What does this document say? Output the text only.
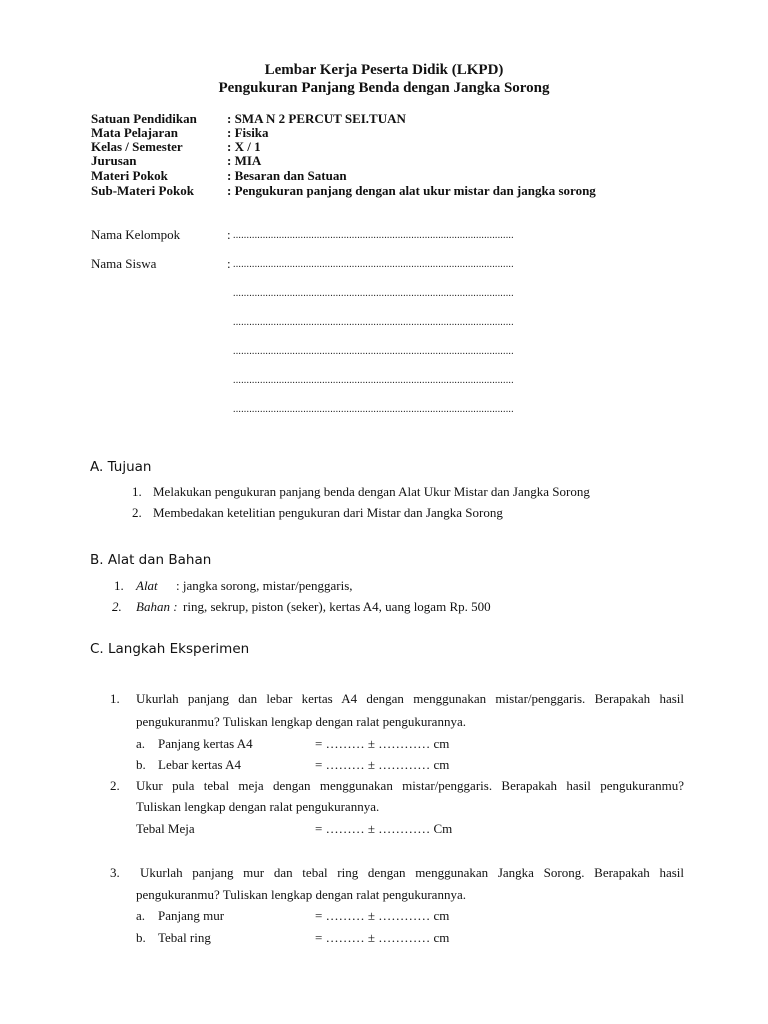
Lembar Kerja Peserta Didik (LKPD)
Pengukuran Panjang Benda dengan Jangka Sorong
Satuan Pendidikan : SMA N 2 PERCUT SEI.TUAN
Mata Pelajaran	: Fisika
Kelas / Semester	: X / 1
Jurusan	: MIA
Materi Pokok	: Besaran dan Satuan
Sub-Materi Pokok	: Pengukuran panjang dengan alat ukur mistar dan jangka sorong
Nama Kelompok	: ........................................................................................................
Nama Siswa	: ........................................................................................................
........................................................................................................
........................................................................................................
........................................................................................................
........................................................................................................
........................................................................................................
A. Tujuan
1. Melakukan pengukuran panjang benda dengan Alat Ukur Mistar dan Jangka Sorong
2. Membedakan ketelitian pengukuran dari Mistar dan Jangka Sorong
B. Alat dan Bahan
1. Alat : jangka sorong, mistar/penggaris,
2. Bahan : ring, sekrup, piston (seker), kertas A4, uang logam Rp. 500
C. Langkah Eksperimen
1. Ukurlah panjang dan lebar kertas A4 dengan menggunakan mistar/penggaris. Berapakah hasil
pengukuranmu? Tuliskan lengkap dengan ralat pengukurannya.
a. Panjang kertas A4	= ……… ± ………… cm
b. Lebar kertas A4	= ……… ± ………… cm
2. Ukur pula tebal meja dengan menggunakan mistar/penggaris. Berapakah hasil pengukuranmu?
Tuliskan lengkap dengan ralat pengukurannya.
Tebal Meja	= ……… ± ………… Cm
3. Ukurlah panjang mur dan tebal ring dengan menggunakan Jangka Sorong. Berapakah hasil
pengukuranmu? Tuliskan lengkap dengan ralat pengukurannya.
a. Panjang mur	= ……… ± ………… cm
b. Tebal ring	= ……… ± ………… cm
